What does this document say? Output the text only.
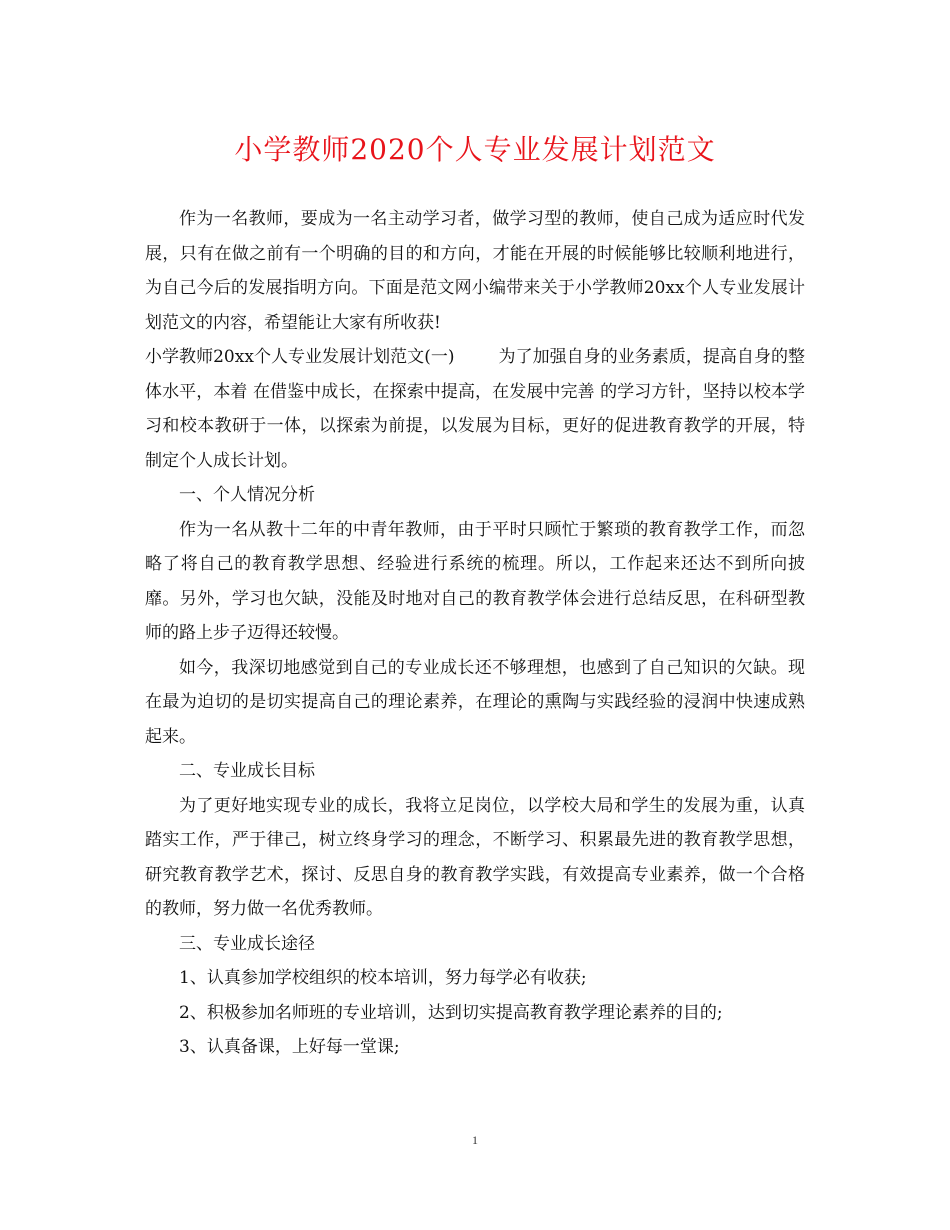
小学教师2020个人专业发展计划范文

作为一名教师，要成为一名主动学习者，做学习型的教师，使自己成为适应时代发展，只有在做之前有一个明确的目的和方向，才能在开展的时候能够比较顺利地进行，为自己今后的发展指明方向。下面是范文网小编带来关于小学教师20xx个人专业发展计划范文的内容，希望能让大家有所收获!

小学教师20xx个人专业发展计划范文(一)	为了加强自身的业务素质，提高自身的整体水平，本着 在借鉴中成长，在探索中提高，在发展中完善 的学习方针，坚持以校本学习和校本教研于一体，以探索为前提，以发展为目标，更好的促进教育教学的开展，特制定个人成长计划。

一、个人情况分析

作为一名从教十二年的中青年教师，由于平时只顾忙于繁琐的教育教学工作，而忽略了将自己的教育教学思想、经验进行系统的梳理。所以，工作起来还达不到所向披靡。另外，学习也欠缺，没能及时地对自己的教育教学体会进行总结反思，在科研型教师的路上步子迈得还较慢。

如今，我深切地感觉到自己的专业成长还不够理想，也感到了自己知识的欠缺。现在最为迫切的是切实提高自己的理论素养，在理论的熏陶与实践经验的浸润中快速成熟起来。

二、专业成长目标

为了更好地实现专业的成长，我将立足岗位，以学校大局和学生的发展为重，认真踏实工作，严于律己，树立终身学习的理念，不断学习、积累最先进的教育教学思想，研究教育教学艺术，探讨、反思自身的教育教学实践，有效提高专业素养，做一个合格的教师，努力做一名优秀教师。

三、专业成长途径

1、认真参加学校组织的校本培训，努力每学必有收获;

2、积极参加名师班的专业培训，达到切实提高教育教学理论素养的目的;

3、认真备课，上好每一堂课;

1
